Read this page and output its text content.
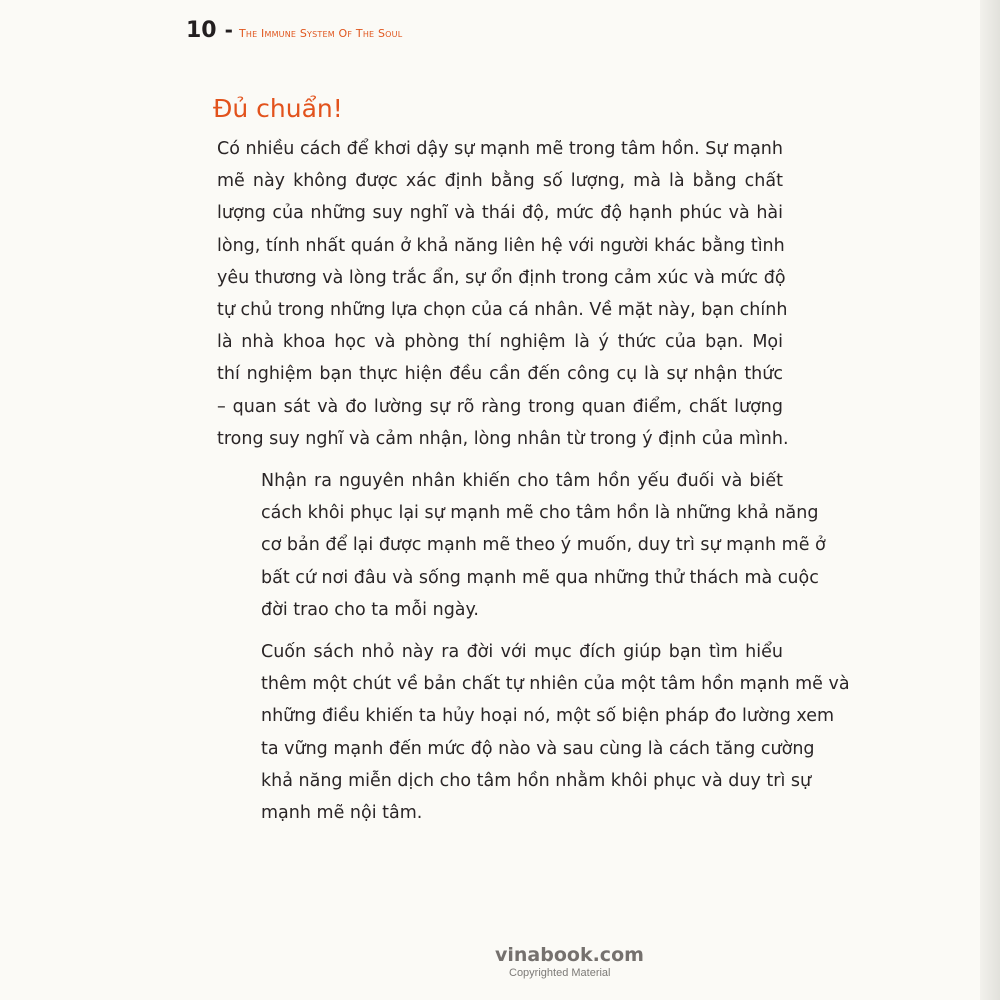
10 - The Immune System Of The Soul
Đủ chuẩn!

Có nhiều cách để khơi dậy sự mạnh mẽ trong tâm hồn. Sự mạnh
mẽ này không được xác định bằng số lượng, mà là bằng chất
lượng của những suy nghĩ và thái độ, mức độ hạnh phúc và hài
lòng, tính nhất quán ở khả năng liên hệ với người khác bằng tình
yêu thương và lòng trắc ẩn, sự ổn định trong cảm xúc và mức độ
tự chủ trong những lựa chọn của cá nhân. Về mặt này, bạn chính
là nhà khoa học và phòng thí nghiệm là ý thức của bạn. Mọi
thí nghiệm bạn thực hiện đều cần đến công cụ là sự nhận thức
– quan sát và đo lường sự rõ ràng trong quan điểm, chất lượng
trong suy nghĩ và cảm nhận, lòng nhân từ trong ý định của mình.

Nhận ra nguyên nhân khiến cho tâm hồn yếu đuối và biết
cách khôi phục lại sự mạnh mẽ cho tâm hồn là những khả năng
cơ bản để lại được mạnh mẽ theo ý muốn, duy trì sự mạnh mẽ ở
bất cứ nơi đâu và sống mạnh mẽ qua những thử thách mà cuộc
đời trao cho ta mỗi ngày.

Cuốn sách nhỏ này ra đời với mục đích giúp bạn tìm hiểu
thêm một chút về bản chất tự nhiên của một tâm hồn mạnh mẽ và
những điều khiến ta hủy hoại nó, một số biện pháp đo lường xem
ta vững mạnh đến mức độ nào và sau cùng là cách tăng cường
khả năng miễn dịch cho tâm hồn nhằm khôi phục và duy trì sự
mạnh mẽ nội tâm.

vinabook.com
Copyrighted Material
